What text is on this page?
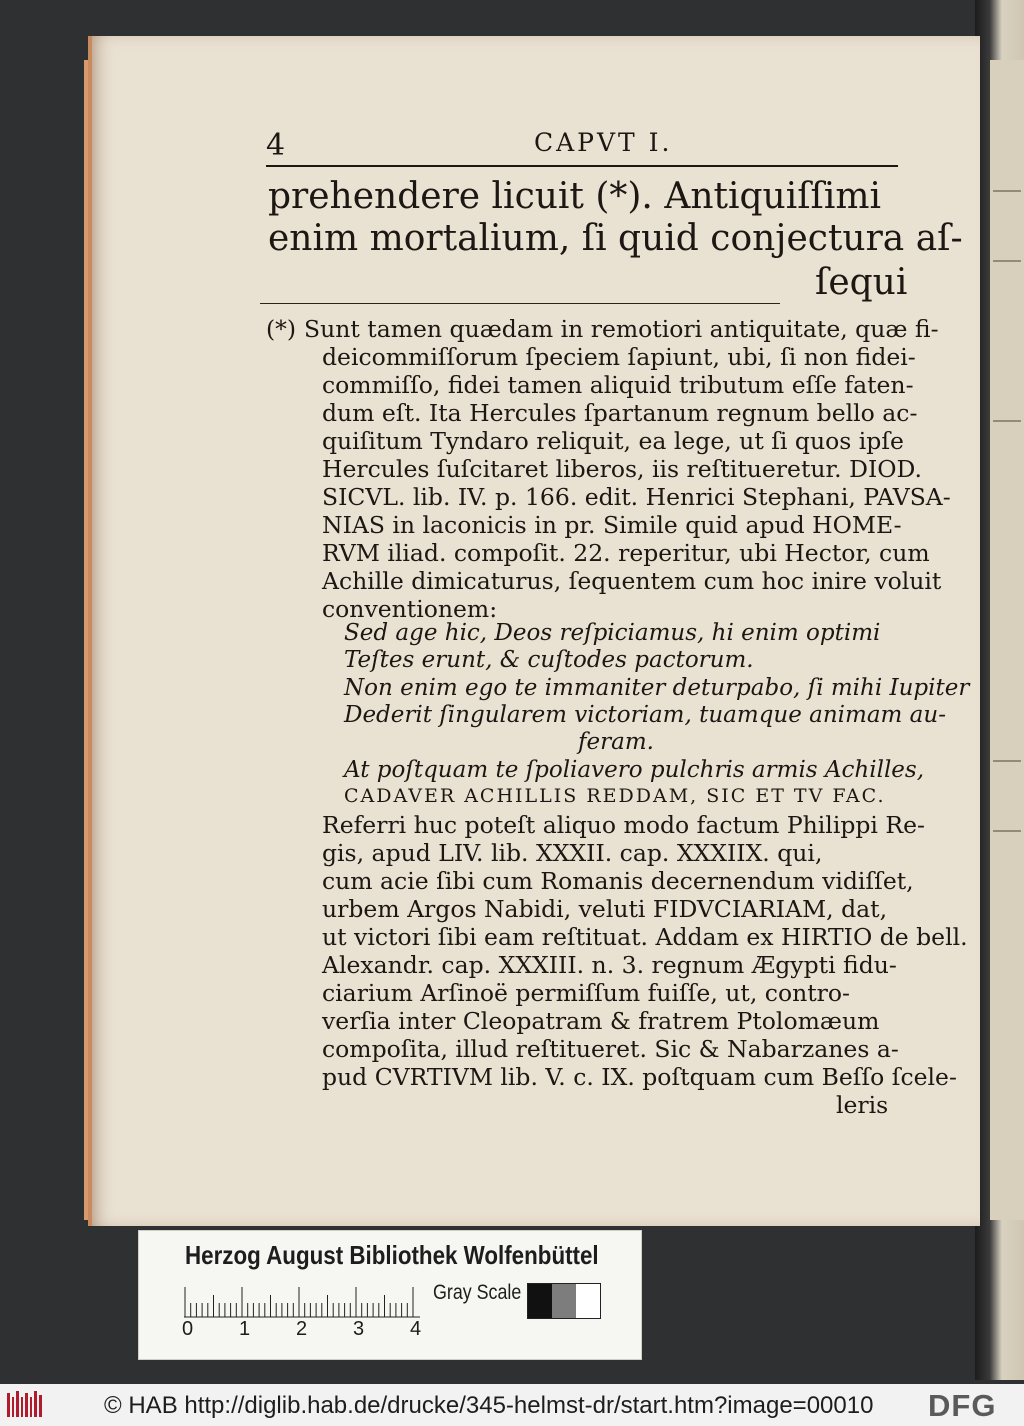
4	CAPVT I.
prehendere licuit (*). Antiquiſſimi
enim mortalium, ſi quid conjectura aſ-
ſequi
(*) Sunt tamen quædam in remotiori antiquitate, quæ fi-
deicommiſſorum ſpeciem ſapiunt, ubi, ſi non fidei-
commiſſo, fidei tamen aliquid tributum eſſe faten-
dum eſt. Ita Hercules ſpartanum regnum bello ac-
quiſitum Tyndaro reliquit, ea lege, ut ſi quos ipſe
Hercules ſuſcitaret liberos, iis reſtitueretur. DIOD.
SICVL. lib. IV. p. 166. edit. Henrici Stephani, PAVSA-
NIAS in laconicis in pr. Simile quid apud HOME-
RVM iliad. compoſit. 22. reperitur, ubi Hector, cum
Achille dimicaturus, ſequentem cum hoc inire voluit
conventionem:
Sed age hic, Deos reſpiciamus, hi enim optimi
Teſtes erunt, & cuſtodes pactorum.
Non enim ego te immaniter deturpabo, ſi mihi Iupiter
Dederit ſingularem victoriam, tuamque animam au-
feram.
At poſtquam te ſpoliavero pulchris armis Achilles,
CADAVER ACHILLIS REDDAM, SIC ET TV FAC.
Referri huc poteſt aliquo modo factum Philippi Re-
gis, apud LIV. lib. XXXII. cap. XXXIIX. qui,
cum acie ſibi cum Romanis decernendum vidiſſet,
urbem Argos Nabidi, veluti FIDVCIARIAM, dat,
ut victori ſibi eam reſtituat. Addam ex HIRTIO de bell.
Alexandr. cap. XXXIII. n. 3. regnum Ægypti fidu-
ciarium Arſinoë permiſſum fuiſſe, ut, contro-
verſia inter Cleopatram & fratrem Ptolomæum
compoſita, illud reſtitueret. Sic & Nabarzanes a-
pud CVRTIVM lib. V. c. IX. poſtquam cum Beſſo ſcele-
leris
Herzog August Bibliothek Wolfenbüttel
0 1 2 3 4
Gray Scale
© HAB http://diglib.hab.de/drucke/345-helmst-dr/start.htm?image=00010 DFG
